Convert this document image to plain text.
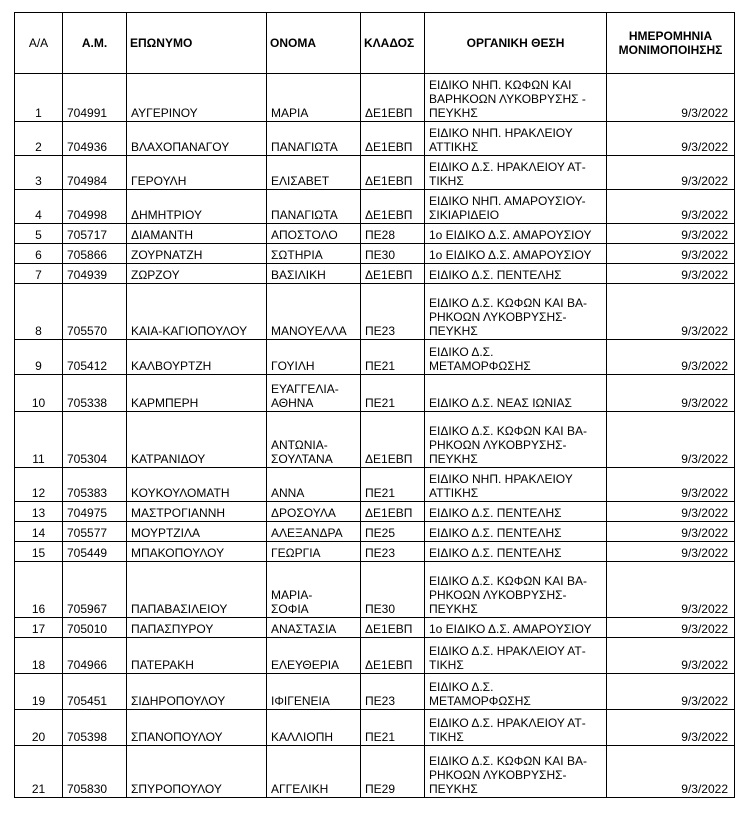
Α/Α	Α.Μ.	ΕΠΩΝΥΜΟ	ΟΝΟΜΑ	ΚΛΑΔΟΣ	ΟΡΓΑΝΙΚΗ ΘΕΣΗ	ΗΜΕΡΟΜΗΝΙΑ
ΜΟΝΙΜΟΠΟΙΗΣΗΣ
1	704991	ΑΥΓΕΡΙΝΟΥ	ΜΑΡΙΑ	ΔΕ1ΕΒΠ	ΕΙΔΙΚΟ ΝΗΠ. ΚΩΦΩΝ ΚΑΙ
ΒΑΡΗΚΟΩΝ ΛΥΚΟΒΡΥΣΗΣ -
ΠΕΥΚΗΣ	9/3/2022
2	704936	ΒΛΑΧΟΠΑΝΑΓΟΥ	ΠΑΝΑΓΙΩΤΑ	ΔΕ1ΕΒΠ	ΕΙΔΙΚΟ ΝΗΠ. ΗΡΑΚΛΕΙΟΥ
ΑΤΤΙΚΗΣ	9/3/2022
3	704984	ΓΕΡΟΥΛΗ	ΕΛΙΣΑΒΕΤ	ΔΕ1ΕΒΠ	ΕΙΔΙΚΟ Δ.Σ. ΗΡΑΚΛΕΙΟΥ ΑΤ-
ΤΙΚΗΣ	9/3/2022
4	704998	ΔΗΜΗΤΡΙΟΥ	ΠΑΝΑΓΙΩΤΑ	ΔΕ1ΕΒΠ	ΕΙΔΙΚΟ ΝΗΠ. ΑΜΑΡΟΥΣΙΟΥ-
ΣΙΚΙΑΡΙΔΕΙΟ	9/3/2022
5	705717	ΔΙΑΜΑΝΤΗ	ΑΠΟΣΤΟΛΟ	ΠΕ28	1ο ΕΙΔΙΚΟ Δ.Σ. ΑΜΑΡΟΥΣΙΟΥ	9/3/2022
6	705866	ΖΟΥΡΝΑΤΖΗ	ΣΩΤΗΡΙΑ	ΠΕ30	1ο ΕΙΔΙΚΟ Δ.Σ. ΑΜΑΡΟΥΣΙΟΥ	9/3/2022
7	704939	ΖΩΡΖΟΥ	ΒΑΣΙΛΙΚΗ	ΔΕ1ΕΒΠ	ΕΙΔΙΚΟ Δ.Σ. ΠΕΝΤΕΛΗΣ	9/3/2022
8	705570	ΚΑΙΑ-ΚΑΓΙΟΠΟΥΛΟΥ	ΜΑΝΟΥΕΛΛΑ	ΠΕ23	ΕΙΔΙΚΟ Δ.Σ. ΚΩΦΩΝ ΚΑΙ ΒΑ-
ΡΗΚΟΩΝ ΛΥΚΟΒΡΥΣΗΣ-
ΠΕΥΚΗΣ	9/3/2022
9	705412	ΚΑΛΒΟΥΡΤΖΗ	ΓΟΥΙΛΗ	ΠΕ21	ΕΙΔΙΚΟ Δ.Σ.
ΜΕΤΑΜΟΡΦΩΣΗΣ	9/3/2022
10	705338	ΚΑΡΜΠΕΡΗ	ΕΥΑΓΓΕΛΙΑ-
ΑΘΗΝΑ	ΠΕ21	ΕΙΔΙΚΟ Δ.Σ. ΝΕΑΣ ΙΩΝΙΑΣ	9/3/2022
11	705304	ΚΑΤΡΑΝΙΔΟΥ	ΑΝΤΩΝΙΑ-
ΣΟΥΛΤΑΝΑ	ΔΕ1ΕΒΠ	ΕΙΔΙΚΟ Δ.Σ. ΚΩΦΩΝ ΚΑΙ ΒΑ-
ΡΗΚΟΩΝ ΛΥΚΟΒΡΥΣΗΣ-
ΠΕΥΚΗΣ	9/3/2022
12	705383	ΚΟΥΚΟΥΛΟΜΑΤΗ	ΑΝΝΑ	ΠΕ21	ΕΙΔΙΚΟ ΝΗΠ. ΗΡΑΚΛΕΙΟΥ
ΑΤΤΙΚΗΣ	9/3/2022
13	704975	ΜΑΣΤΡΟΓΙΑΝΝΗ	ΔΡΟΣΟΥΛΑ	ΔΕ1ΕΒΠ	ΕΙΔΙΚΟ Δ.Σ. ΠΕΝΤΕΛΗΣ	9/3/2022
14	705577	ΜΟΥΡΤΖΙΛΑ	ΑΛΕΞΑΝΔΡΑ	ΠΕ25	ΕΙΔΙΚΟ Δ.Σ. ΠΕΝΤΕΛΗΣ	9/3/2022
15	705449	ΜΠΑΚΟΠΟΥΛΟΥ	ΓΕΩΡΓΙΑ	ΠΕ23	ΕΙΔΙΚΟ Δ.Σ. ΠΕΝΤΕΛΗΣ	9/3/2022
16	705967	ΠΑΠΑΒΑΣΙΛΕΙΟΥ	ΜΑΡΙΑ-
ΣΟΦΙΑ	ΠΕ30	ΕΙΔΙΚΟ Δ.Σ. ΚΩΦΩΝ ΚΑΙ ΒΑ-
ΡΗΚΟΩΝ ΛΥΚΟΒΡΥΣΗΣ-
ΠΕΥΚΗΣ	9/3/2022
17	705010	ΠΑΠΑΣΠΥΡΟΥ	ΑΝΑΣΤΑΣΙΑ	ΔΕ1ΕΒΠ	1ο ΕΙΔΙΚΟ Δ.Σ. ΑΜΑΡΟΥΣΙΟΥ	9/3/2022
18	704966	ΠΑΤΕΡΑΚΗ	ΕΛΕΥΘΕΡΙΑ	ΔΕ1ΕΒΠ	ΕΙΔΙΚΟ Δ.Σ. ΗΡΑΚΛΕΙΟΥ ΑΤ-
ΤΙΚΗΣ	9/3/2022
19	705451	ΣΙΔΗΡΟΠΟΥΛΟΥ	ΙΦΙΓΕΝΕΙΑ	ΠΕ23	ΕΙΔΙΚΟ Δ.Σ.
ΜΕΤΑΜΟΡΦΩΣΗΣ	9/3/2022
20	705398	ΣΠΑΝΟΠΟΥΛΟΥ	ΚΑΛΛΙΟΠΗ	ΠΕ21	ΕΙΔΙΚΟ Δ.Σ. ΗΡΑΚΛΕΙΟΥ ΑΤ-
ΤΙΚΗΣ	9/3/2022
21	705830	ΣΠΥΡΟΠΟΥΛΟΥ	ΑΓΓΕΛΙΚΗ	ΠΕ29	ΕΙΔΙΚΟ Δ.Σ. ΚΩΦΩΝ ΚΑΙ ΒΑ-
ΡΗΚΟΩΝ ΛΥΚΟΒΡΥΣΗΣ-
ΠΕΥΚΗΣ	9/3/2022
